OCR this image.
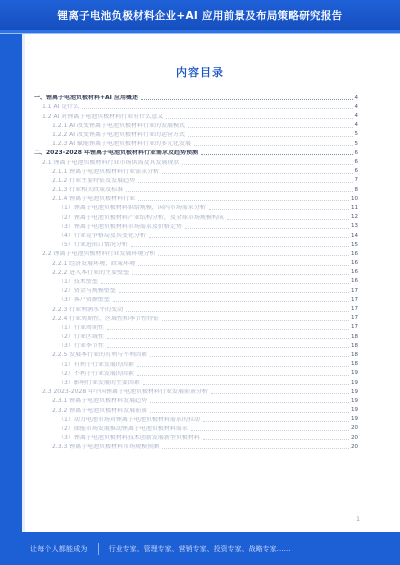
锂离子电池负极材料企业+AI 应用前景及布局策略研究报告
内容目录
一、锂离子电池负极材料+AI 应用概述	4
1.1 AI 是什么	4
1.2 AI 对锂离子电池负极材料行业有什么意义	4
1.2.1 AI 改变锂离子电池负极材料行业的发展模式	4
1.2.2 AI 改变锂离子电池负极材料行业的运营方式	5
1.2.3 AI 赋能锂离子电池负极材料行业的多元化发展	5
二、2023-2028 年锂离子电池负极材料行业需求及趋势预测	6
2.1 锂离子电池负极材料行业市场供需及其发展现状	6
2.1.1 锂离子电池负极材料行业需求分析	6
2.1.2 行业主要特征及发展趋势	7
2.1.3 行业相关政策及标准	8
2.1.4 锂离子电池负极材料行业	10
（1）锂离子电池负极材料供给规模，国内市场需求分析	11
（2）锂离子电池负极材料产业结构分析，及全球市场规模构成	12
（3）锂离子电池负极材料市场需求及价格走势	13
（4）行业竞争格局及其变化分析	14
（5）行业进出口情况分析	15
2.2 锂离子电池负极材料行业发展环境分析	16
2.2.1 经济发展环境、政策环境	16
2.2.2 进入本行业的主要壁垒	16
（1）技术壁垒	16
（2）资金与规模壁垒	17
（3）客户资源壁垒	17
2.2.3 行业利润水平的变动	17
2.2.4 行业周期性、区域性和季节性特征	17
（1）行业周期性	17
（2）行业区域性	18
（3）行业季节性	18
2.2.5 发展本行业的有利与不利因素	18
（1）有利于行业发展的因素	18
（2）不利于行业发展的因素	19
（3）影响行业发展的主要因素	19
2.3 2023-2028 年中国锂离子电池负极材料行业发展前景分析	19
2.3.1 锂离子电池负极材料发展趋势	19
2.3.2 锂离子电池负极材料发展前景	19
（1）动力电池市场对锂离子电池负极材料需求的拉动	19
（2）储能市场发展推动锂离子电池负极材料需求	20
（3）锂离子电池负极材料技术创新发展新型负极材料	20
2.3.3 锂离子电池负极材料市场规模预测	20
1
让每个人都能成为	行业专家、管理专家、营销专家、投资专家、战略专家……
